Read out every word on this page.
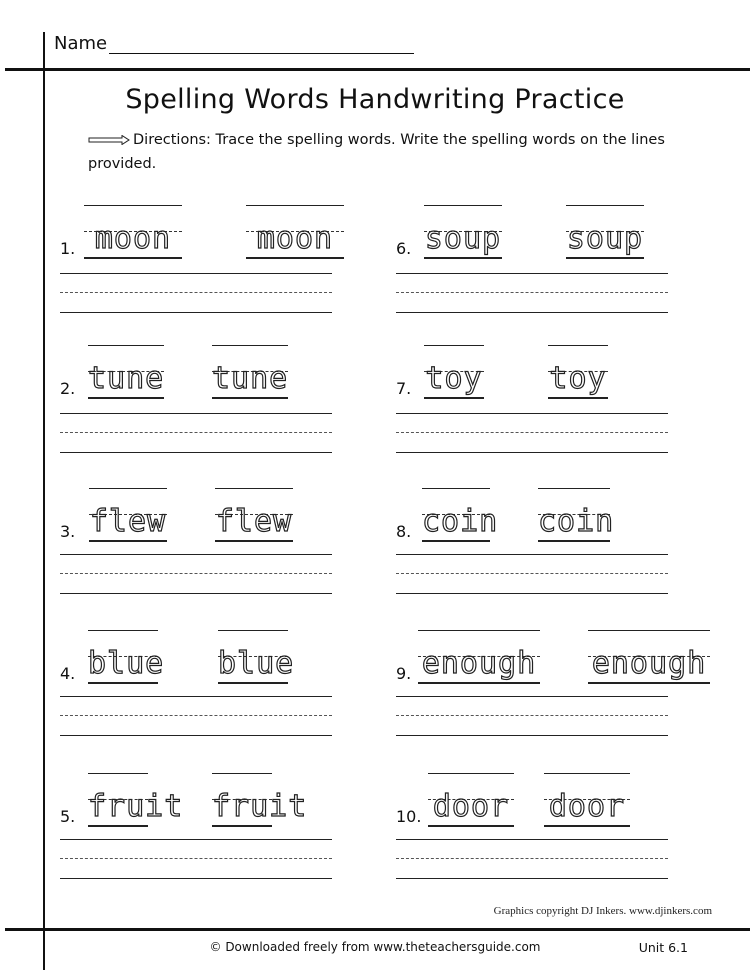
Name
Spelling Words Handwriting Practice
Directions: Trace the spelling words. Write the spelling words on the lines provided.
1. moon	moon
2. tune tune
3. flew flew
4. blue blue
5. fruit fruit
6. soup soup
7. toy toy
8. coin coin
9. enough enough
10. door door
Graphics copyright DJ Inkers. www.djinkers.com
© Downloaded freely from www.theteachersguide.com	Unit 6.1
